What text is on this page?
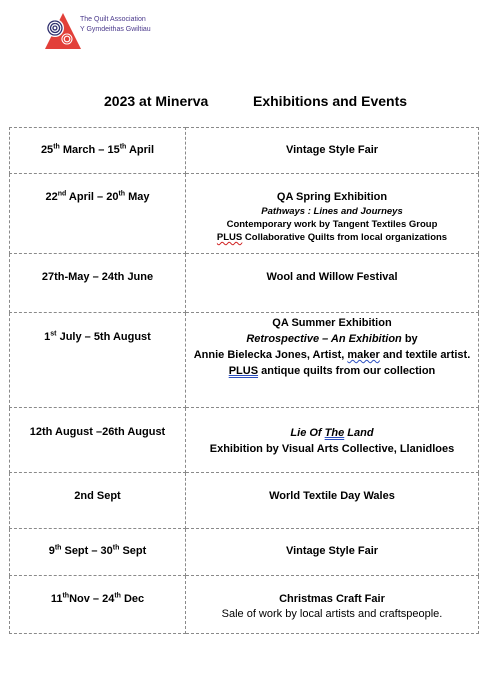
The Quilt Association
Y Gymdeithas Gwiltiau
2023 at Minerva	Exhibitions and Events
25th March – 15th April	Vintage Style Fair
22nd April – 20th May	QA Spring Exhibition
Pathways : Lines and Journeys
Contemporary work by Tangent Textiles Group
PLUS Collaborative Quilts from local organizations

27th-May – 24th June	Wool and Willow Festival
1st July – 5th August	QA Summer Exhibition
Retrospective – An Exhibition by
Annie Bielecka Jones, Artist, maker and textile artist.
PLUS antique quilts from our collection

12th August –26th August	Lie Of The Land
Exhibition by Visual Arts Collective, Llanidloes

2nd Sept	World Textile Day Wales
9th Sept – 30th Sept	Vintage Style Fair
11thNov – 24th Dec	Christmas Craft Fair
Sale of work by local artists and craftspeople.
